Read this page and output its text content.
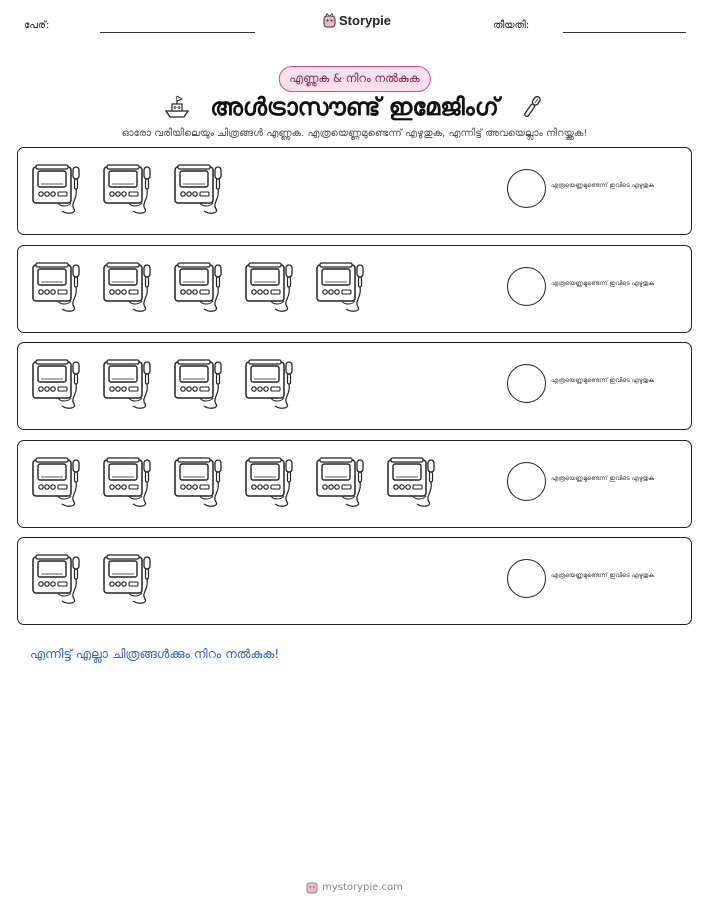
പേര്:	Storypie	തീയതി:
എണ്ണുക & നിറം നൽകുക
അൾട്രാസൗണ്ട് ഇമേജിംഗ്
ഓരോ വരിയിലെയും ചിത്രങ്ങൾ എണ്ണുക. എത്രയെണ്ണമുണ്ടെന്ന് എഴുതുക, എന്നിട്ട് അവയെല്ലാം നിറയ്ക്കുക!
എത്രയെണ്ണമുണ്ടെന്ന് ഇവിടെ എഴുതുക
എത്രയെണ്ണമുണ്ടെന്ന് ഇവിടെ എഴുതുക
എത്രയെണ്ണമുണ്ടെന്ന് ഇവിടെ എഴുതുക
എത്രയെണ്ണമുണ്ടെന്ന് ഇവിടെ എഴുതുക
എത്രയെണ്ണമുണ്ടെന്ന് ഇവിടെ എഴുതുക
എന്നിട്ട് എല്ലാ ചിത്രങ്ങൾക്കും നിറം നൽകുക!
mystorypie.com
